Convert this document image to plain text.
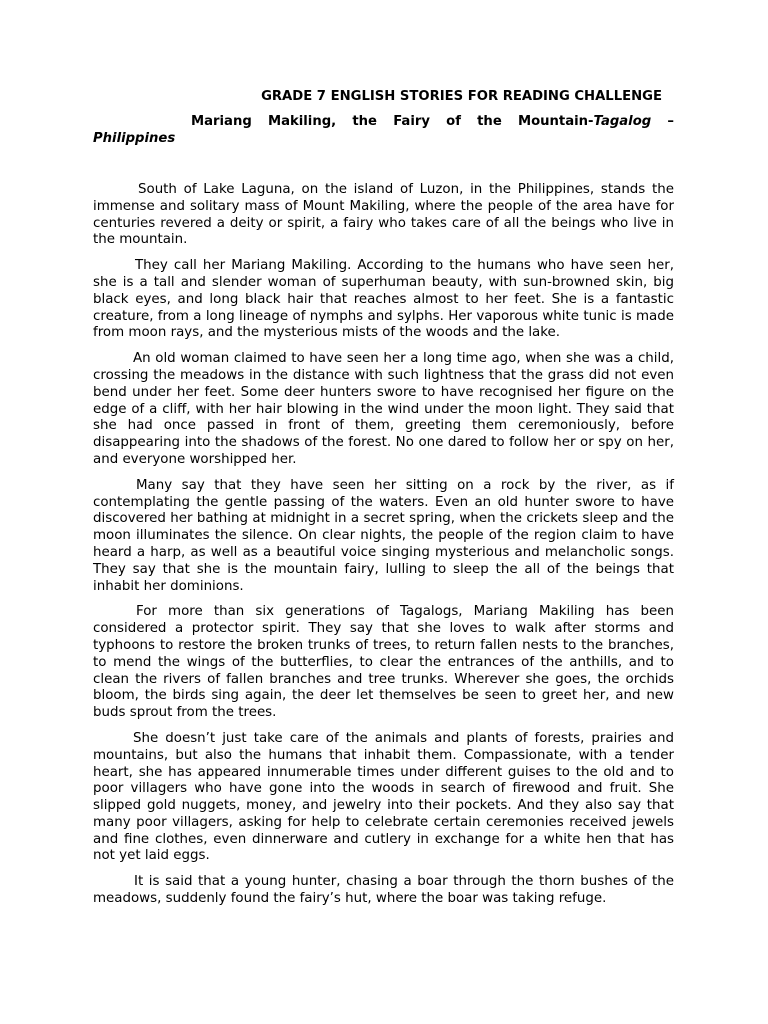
GRADE 7 ENGLISH STORIES FOR READING CHALLENGE
Mariang Makiling, the Fairy of the Mountain-Tagalog – Philippines

South of Lake Laguna, on the island of Luzon, in the Philippines, stands the immense and solitary mass of Mount Makiling, where the people of the area have for centuries revered a deity or spirit, a fairy who takes care of all the beings who live in the mountain.

They call her Mariang Makiling. According to the humans who have seen her, she is a tall and slender woman of superhuman beauty, with sun-browned skin, big black eyes, and long black hair that reaches almost to her feet. She is a fantastic creature, from a long lineage of nymphs and sylphs. Her vaporous white tunic is made from moon rays, and the mysterious mists of the woods and the lake.

An old woman claimed to have seen her a long time ago, when she was a child, crossing the meadows in the distance with such lightness that the grass did not even bend under her feet. Some deer hunters swore to have recognised her figure on the edge of a cliff, with her hair blowing in the wind under the moon light. They said that she had once passed in front of them, greeting them ceremoniously, before disappearing into the shadows of the forest. No one dared to follow her or spy on her, and everyone worshipped her.

Many say that they have seen her sitting on a rock by the river, as if contemplating the gentle passing of the waters. Even an old hunter swore to have discovered her bathing at midnight in a secret spring, when the crickets sleep and the moon illuminates the silence. On clear nights, the people of the region claim to have heard a harp, as well as a beautiful voice singing mysterious and melancholic songs. They say that she is the mountain fairy, lulling to sleep the all of the beings that inhabit her dominions.

For more than six generations of Tagalogs, Mariang Makiling has been considered a protector spirit. They say that she loves to walk after storms and typhoons to restore the broken trunks of trees, to return fallen nests to the branches, to mend the wings of the butterflies, to clear the entrances of the anthills, and to clean the rivers of fallen branches and tree trunks. Wherever she goes, the orchids bloom, the birds sing again, the deer let themselves be seen to greet her, and new buds sprout from the trees.

She doesn’t just take care of the animals and plants of forests, prairies and mountains, but also the humans that inhabit them. Compassionate, with a tender heart, she has appeared innumerable times under different guises to the old and to poor villagers who have gone into the woods in search of firewood and fruit. She slipped gold nuggets, money, and jewelry into their pockets. And they also say that many poor villagers, asking for help to celebrate certain ceremonies received jewels and fine clothes, even dinnerware and cutlery in exchange for a white hen that has not yet laid eggs.

It is said that a young hunter, chasing a boar through the thorn bushes of the meadows, suddenly found the fairy’s hut, where the boar was taking refuge.
